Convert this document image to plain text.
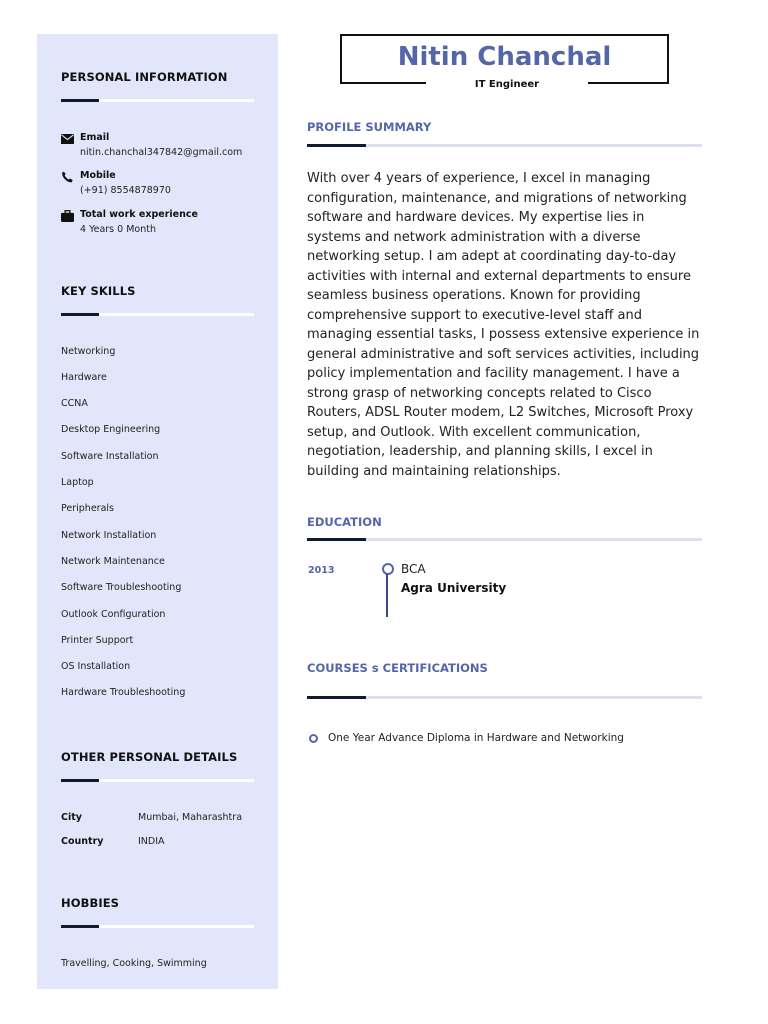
PERSONAL INFORMATION
Email
nitin.chanchal347842@gmail.com
Mobile
(+91) 8554878970
Total work experience
4 Years 0 Month
KEY SKILLS
Networking
Hardware
CCNA
Desktop Engineering
Software Installation
Laptop
Peripherals
Network Installation
Network Maintenance
Software Troubleshooting
Outlook Configuration
Printer Support
OS Installation
Hardware Troubleshooting
OTHER PERSONAL DETAILS
City	Mumbai, Maharashtra
Country	INDIA
HOBBIES
Travelling, Cooking, Swimming
Nitin Chanchal
IT Engineer
PROFILE SUMMARY

With over 4 years of experience, I excel in managing configuration, maintenance, and migrations of networking software and hardware devices. My expertise lies in systems and network administration with a diverse networking setup. I am adept at coordinating day-to-day activities with internal and external departments to ensure seamless business operations. Known for providing comprehensive support to executive-level staff and managing essential tasks, I possess extensive experience in general administrative and soft services activities, including policy implementation and facility management. I have a strong grasp of networking concepts related to Cisco Routers, ADSL Router modem, L2 Switches, Microsoft Proxy setup, and Outlook. With excellent communication, negotiation, leadership, and planning skills, I excel in building and maintaining relationships.

EDUCATION
2013	BCA
Agra University
COURSES s CERTIFICATIONS
One Year Advance Diploma in Hardware and Networking
